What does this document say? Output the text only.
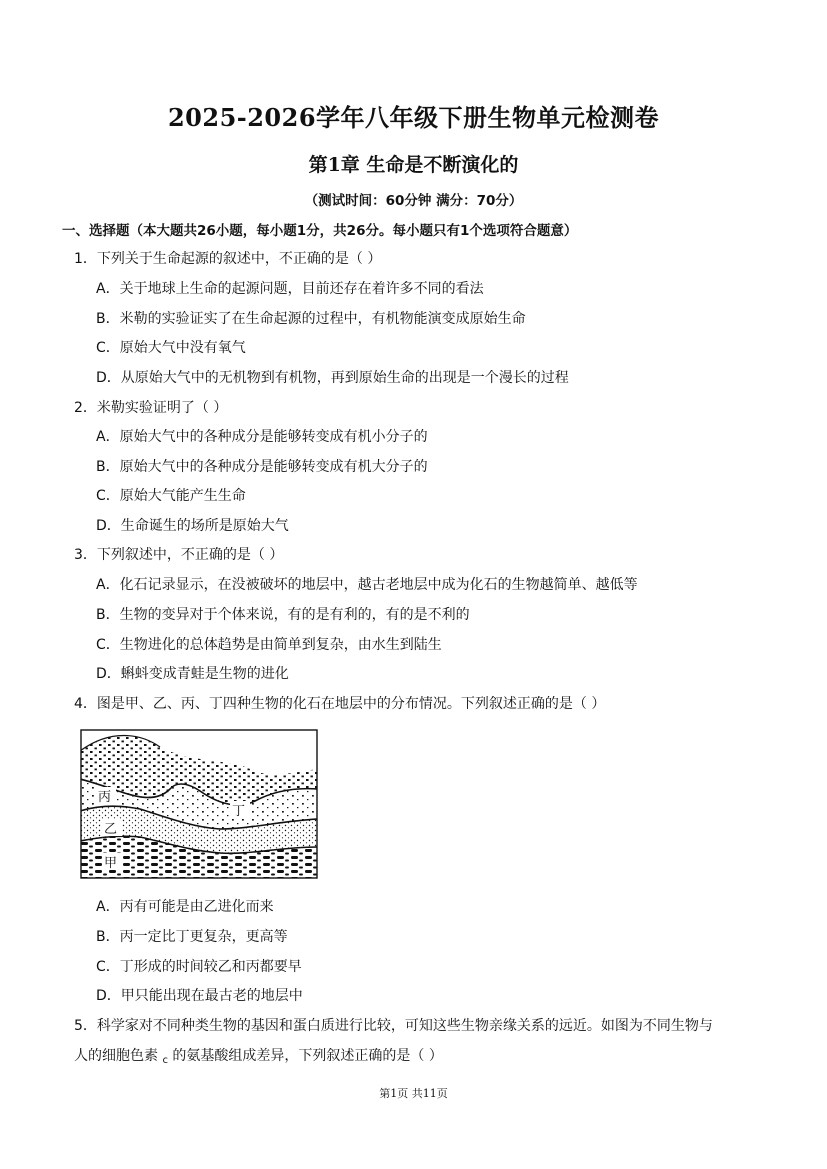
2025-2026学年八年级下册生物单元检测卷
第1章 生命是不断演化的
（测试时间：60分钟 满分：70分）
一、选择题（本大题共26小题，每小题1分，共26分。每小题只有1个选项符合题意）
1．下列关于生命起源的叙述中，不正确的是（ ）
A．关于地球上生命的起源问题，目前还存在着许多不同的看法
B．米勒的实验证实了在生命起源的过程中，有机物能演变成原始生命
C．原始大气中没有氧气
D．从原始大气中的无机物到有机物，再到原始生命的出现是一个漫长的过程
2．米勒实验证明了（ ）
A．原始大气中的各种成分是能够转变成有机小分子的
B．原始大气中的各种成分是能够转变成有机大分子的
C．原始大气能产生生命
D．生命诞生的场所是原始大气
3．下列叙述中，不正确的是（ ）
A．化石记录显示，在没被破坏的地层中，越古老地层中成为化石的生物越简单、越低等
B．生物的变异对于个体来说，有的是有利的，有的是不利的
C．生物进化的总体趋势是由简单到复杂，由水生到陆生
D．蝌蚪变成青蛙是生物的进化
4．图是甲、乙、丙、丁四种生物的化石在地层中的分布情况。下列叙述正确的是（ ）
丙
丁
乙
甲
A．丙有可能是由乙进化而来
B．丙一定比丁更复杂，更高等
C．丁形成的时间较乙和丙都要早
D．甲只能出现在最古老的地层中
5．科学家对不同种类生物的基因和蛋白质进行比较，可知这些生物亲缘关系的远近。如图为不同生物与
人的细胞色素 $_c$ 的氨基酸组成差异，下列叙述正确的是（ ）
第1页 共11页
